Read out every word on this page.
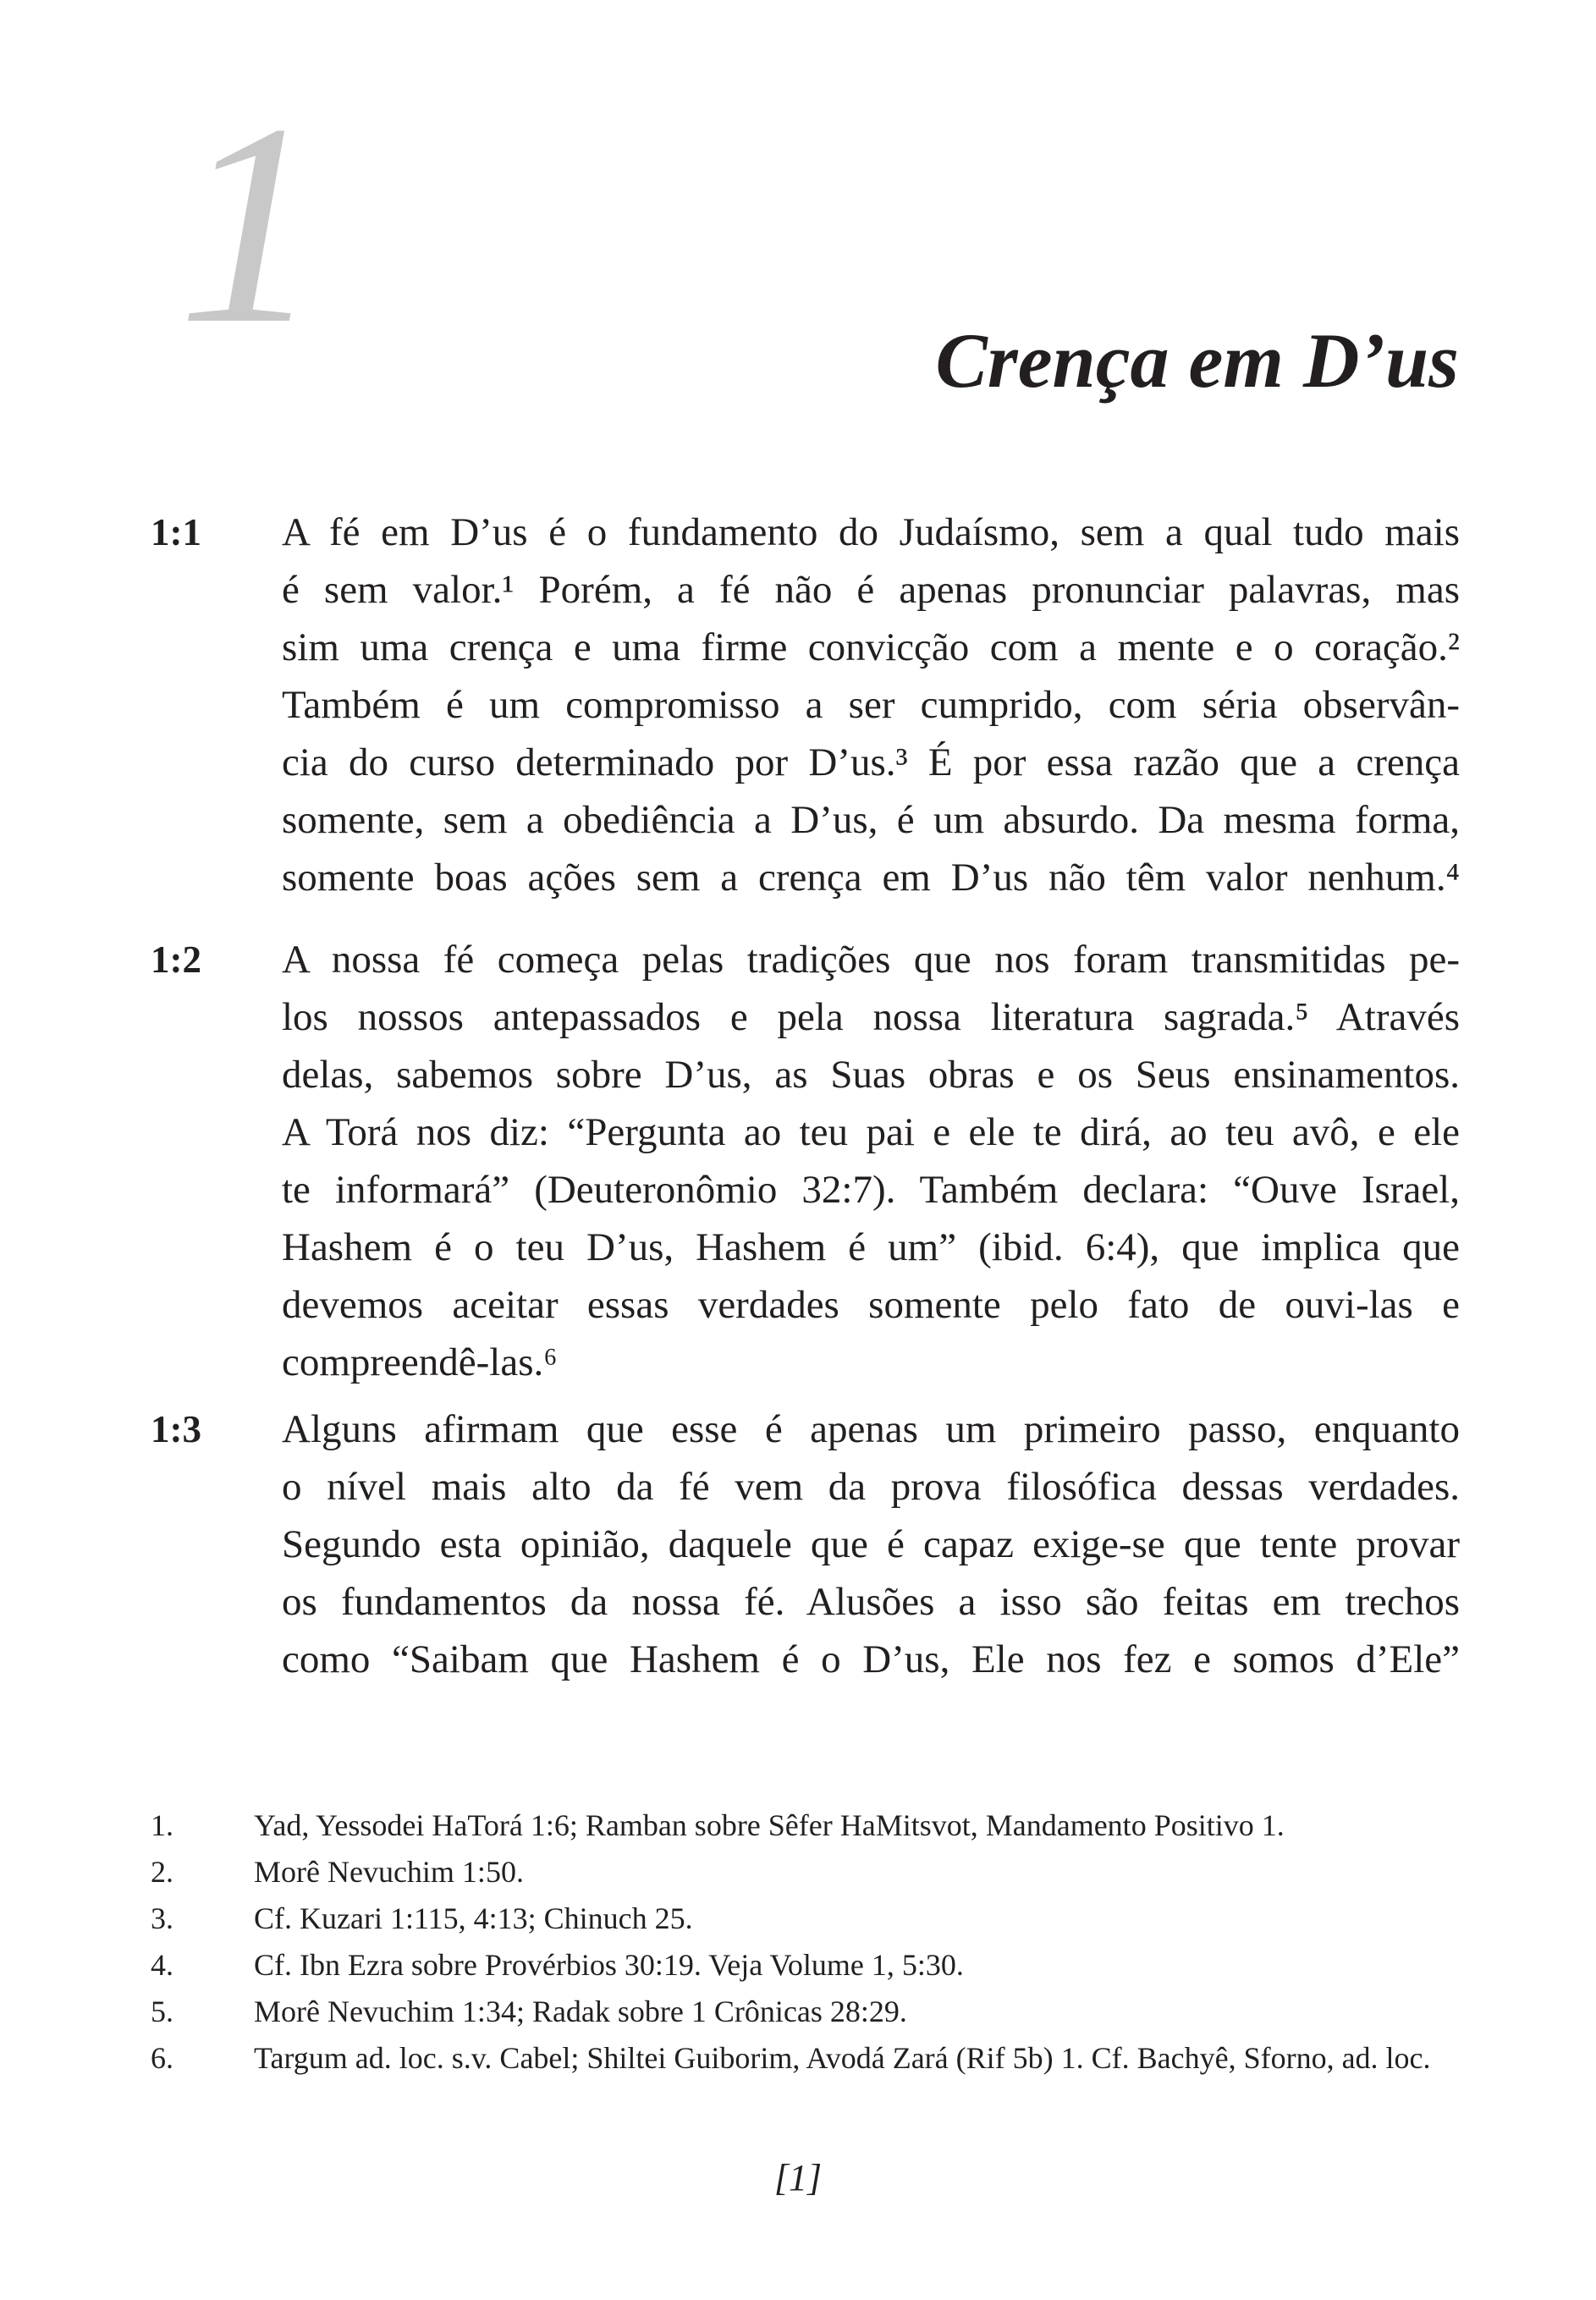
1	Crença em D’us
1:1 A fé em D’us é o fundamento do Judaísmo, sem a qual tudo mais
é sem valor.¹ Porém, a fé não é apenas pronunciar palavras, mas
sim uma crença e uma firme convicção com a mente e o coração.²
Também é um compromisso a ser cumprido, com séria observân-
cia do curso determinado por D’us.³ É por essa razão que a crença
somente, sem a obediência a D’us, é um absurdo. Da mesma forma,
somente boas ações sem a crença em D’us não têm valor nenhum.⁴
1:2 A nossa fé começa pelas tradições que nos foram transmitidas pe-
los nossos antepassados e pela nossa literatura sagrada.⁵ Através
delas, sabemos sobre D’us, as Suas obras e os Seus ensinamentos.
A Torá nos diz: “Pergunta ao teu pai e ele te dirá, ao teu avô, e ele
te informará” (Deuteronômio 32:7). Também declara: “Ouve Israel,
Hashem é o teu D’us, Hashem é um” (ibid. 6:4), que implica que
devemos aceitar essas verdades somente pelo fato de ouvi-las e
compreendê-las.⁶
1:3 Alguns afirmam que esse é apenas um primeiro passo, enquanto
o nível mais alto da fé vem da prova filosófica dessas verdades.
Segundo esta opinião, daquele que é capaz exige-se que tente provar
os fundamentos da nossa fé. Alusões a isso são feitas em trechos
como “Saibam que Hashem é o D’us, Ele nos fez e somos d’Ele”
1.	Yad, Yessodei HaTorá 1:6; Ramban sobre Sêfer HaMitsvot, Mandamento Positivo 1.
2.	Morê Nevuchim 1:50.
3.	Cf. Kuzari 1:115, 4:13; Chinuch 25.
4.	Cf. Ibn Ezra sobre Provérbios 30:19. Veja Volume 1, 5:30.
5.	Morê Nevuchim 1:34; Radak sobre 1 Crônicas 28:29.
6.	Targum ad. loc. s.v. Cabel; Shiltei Guiborim, Avodá Zará (Rif 5b) 1. Cf. Bachyê, Sforno, ad. loc.
[1]
